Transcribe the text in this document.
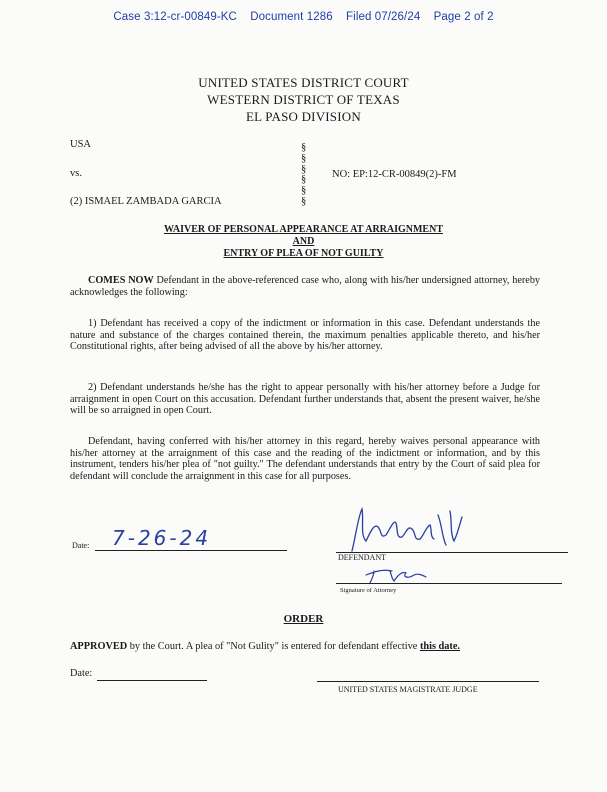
Case 3:12-cr-00849-KC Document 1286 Filed 07/26/24 Page 2 of 2
UNITED STATES DISTRICT COURT
WESTERN DISTRICT OF TEXAS
EL PASO DIVISION
USA
vs.
(2) ISMAEL ZAMBADA GARCIA
§
§
§
§
§
§
NO: EP:12-CR-00849(2)-FM
WAIVER OF PERSONAL APPEARANCE AT ARRAIGNMENT
AND
ENTRY OF PLEA OF NOT GUILTY
COMES NOW Defendant in the above-referenced case who, along with his/her undersigned attorney, hereby acknowledges the following:
1) Defendant has received a copy of the indictment or information in this case. Defendant understands the nature and substance of the charges contained therein, the maximum penalties applicable thereto, and his/her Constitutional rights, after being advised of all the above by his/her attorney.
2) Defendant understands he/she has the right to appear personally with his/her attorney before a Judge for arraignment in open Court on this accusation. Defendant further understands that, absent the present waiver, he/she will be so arraigned in open Court.
Defendant, having conferred with his/her attorney in this regard, hereby waives personal appearance with his/her attorney at the arraignment of this case and the reading of the indictment or information, and by this instrument, tenders his/her plea of "not guilty." The defendant understands that entry by the Court of said plea for defendant will conclude the arraignment in this case for all purposes.
Date: 7-26-24
DEFENDANT
Signature of Attorney
ORDER
APPROVED by the Court. A plea of "Not Gulity" is entered for defendant effective this date.
Date:
UNITED STATES MAGISTRATE JUDGE
